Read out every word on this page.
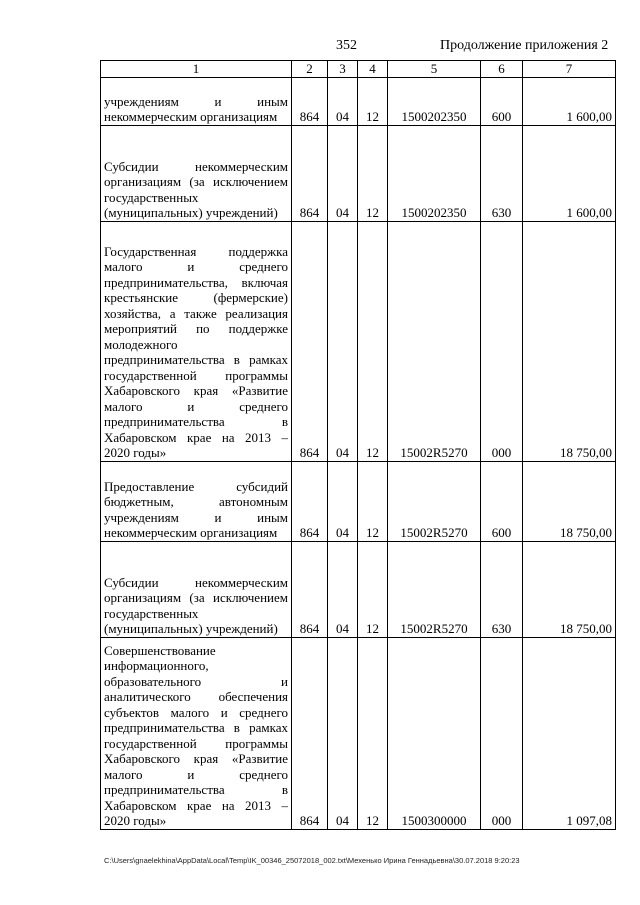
352	Продолжение приложения 2
1	2	3	4	5	6	7
учреждениям и иным некоммерческим организациям	864	04	12	1500202350	600	1 600,00
Субсидии некоммерческим организациям (за исключением государственных (муниципальных) учреждений)	864	04	12	1500202350	630	1 600,00
Государственная поддержка малого и среднего предпринимательства, включая крестьянские (фермерские) хозяйства, а также реализация мероприятий по поддержке молодежного предпринимательства в рамках государственной программы Хабаровского края «Развитие малого и среднего предпринимательства в Хабаровском крае на 2013 – 2020 годы»	864	04	12	15002R5270	000	18 750,00
Предоставление субсидий бюджетным, автономным учреждениям и иным некоммерческим организациям	864	04	12	15002R5270	600	18 750,00
Субсидии некоммерческим организациям (за исключением государственных (муниципальных) учреждений)	864	04	12	15002R5270	630	18 750,00
Совершенствование информационного, образовательного и аналитического обеспечения субъектов малого и среднего предпринимательства в рамках государственной программы Хабаровского края «Развитие малого и среднего предпринимательства в Хабаровском крае на 2013 – 2020 годы»	864	04	12	1500300000	000	1 097,08
C:\Users\gnaelekhina\AppData\Local\Temp\IK_00346_25072018_002.txt\Мехенько Ирина Геннадьевна\30.07.2018 9:20:23
